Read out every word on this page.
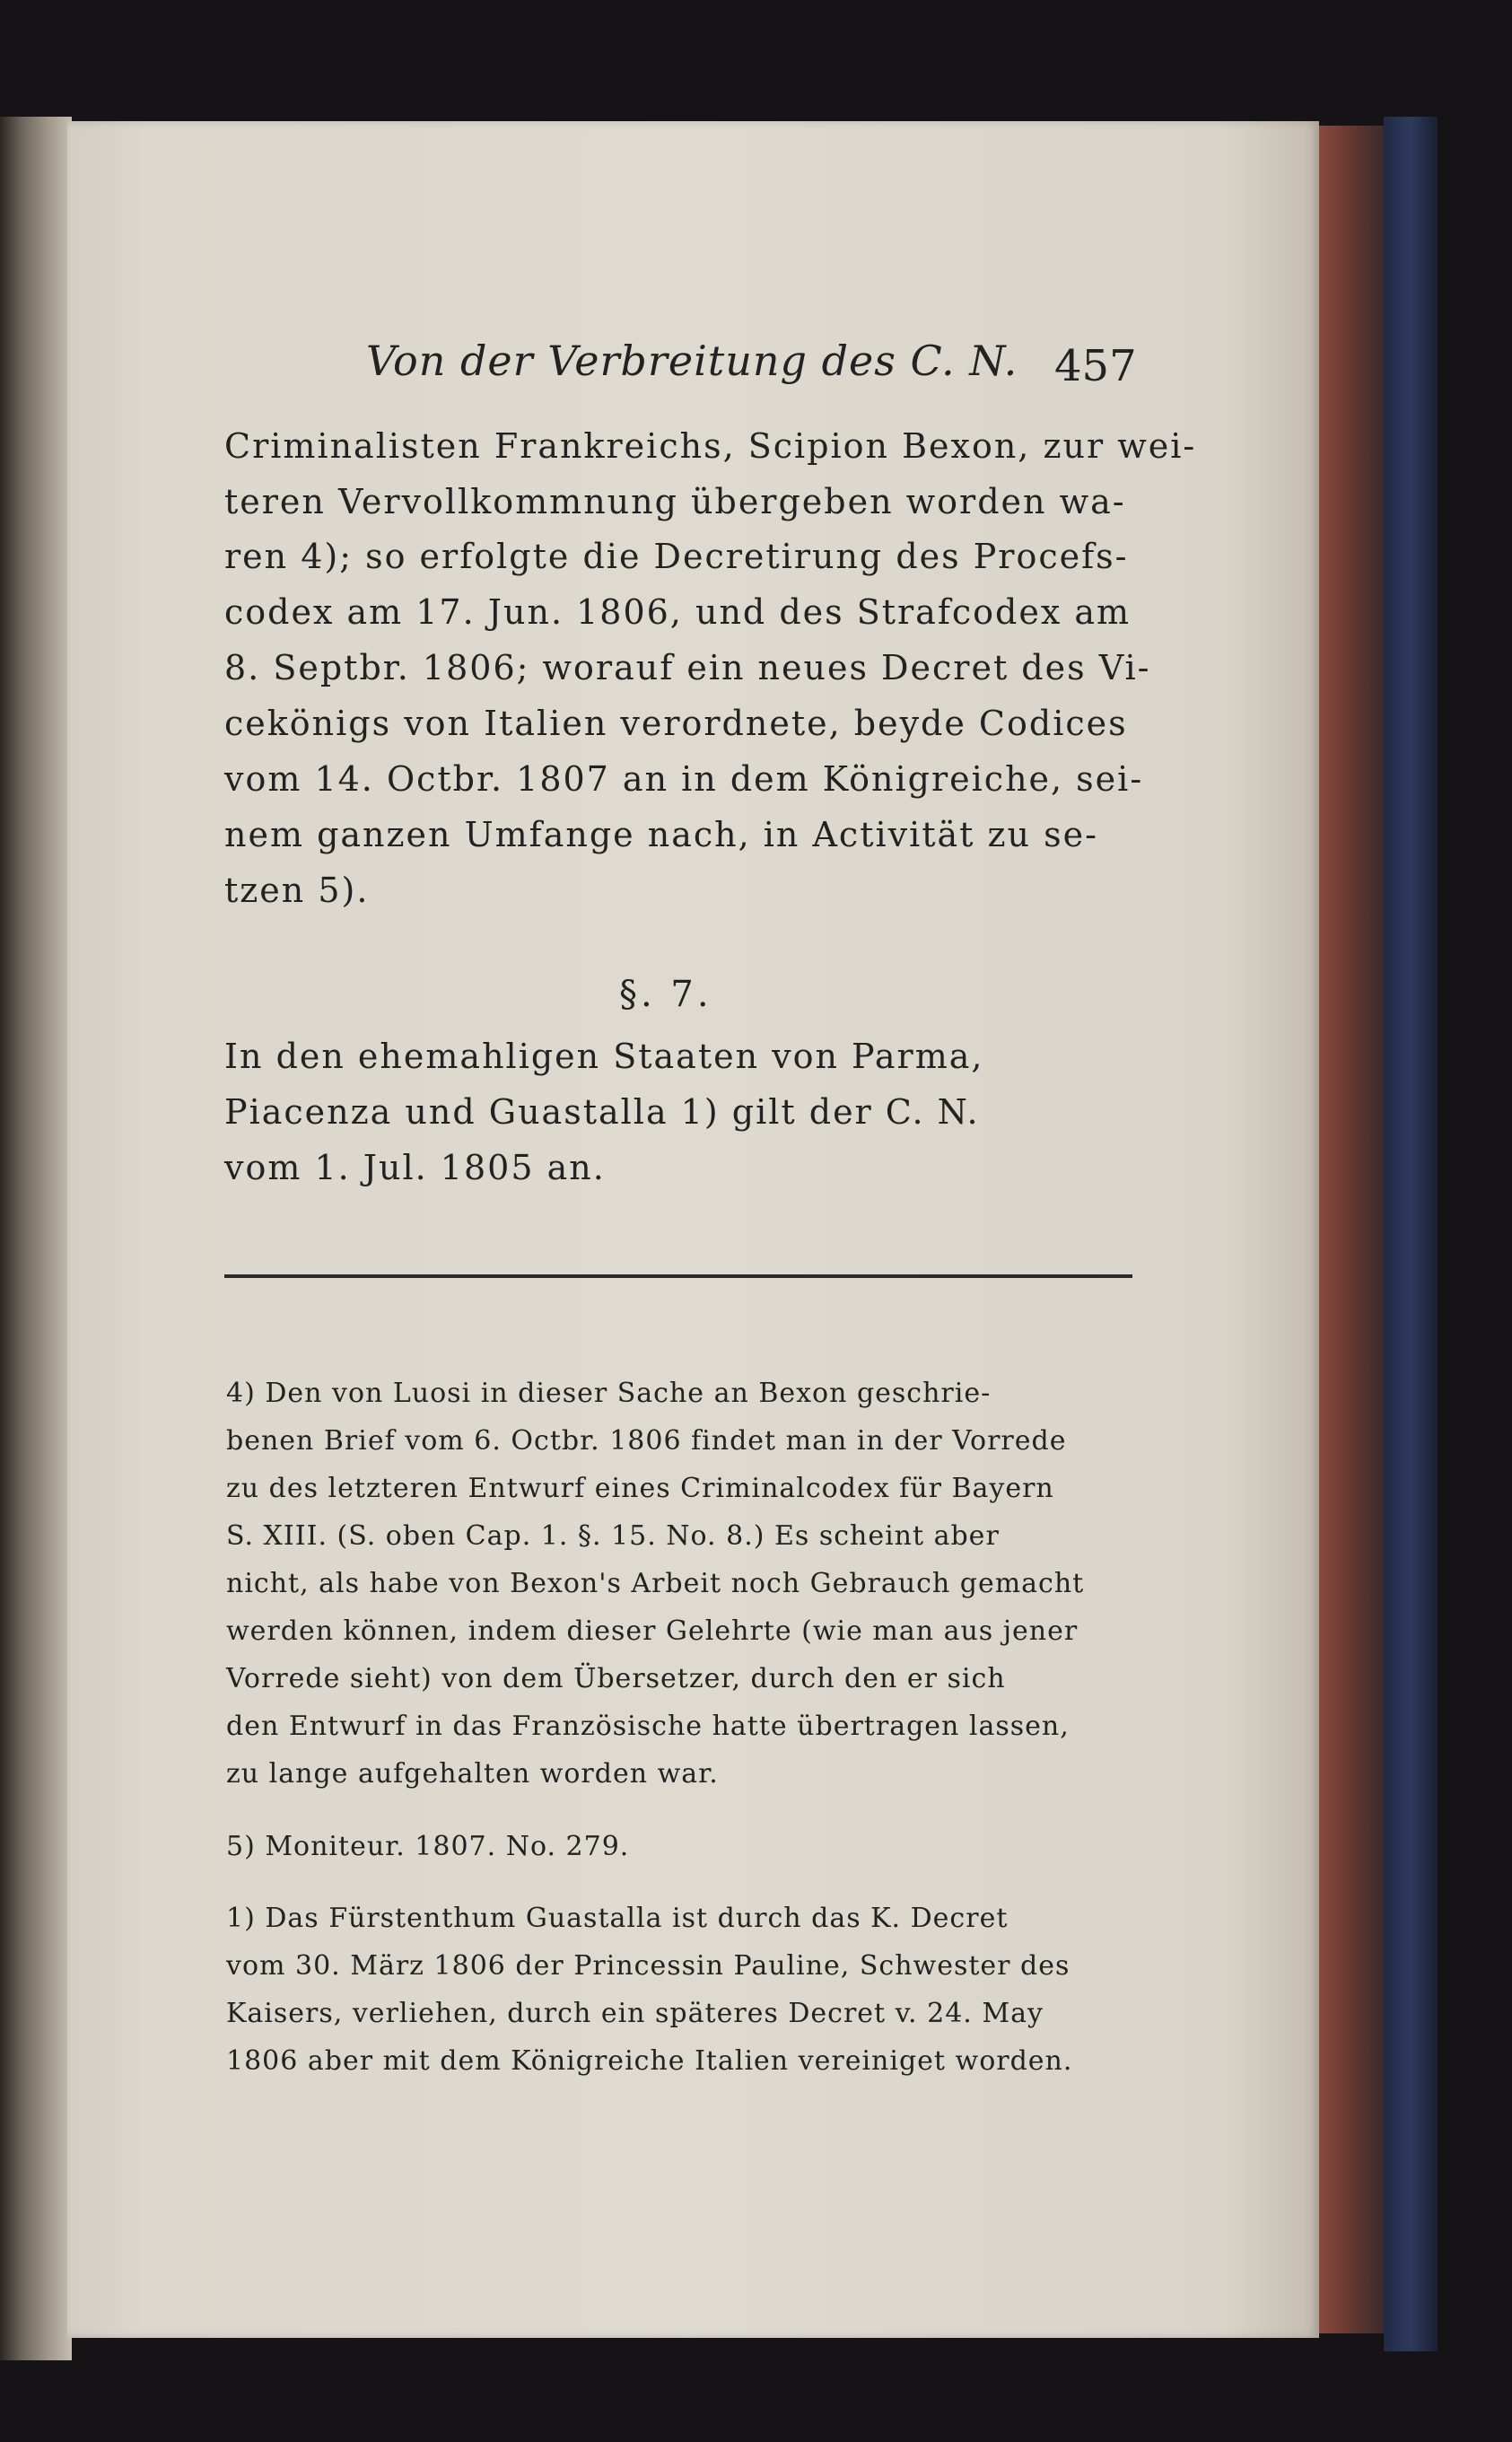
Von der Verbreitung des C. N. 457
Criminalisten Frankreichs, Scipion Bexon, zur wei-
teren Vervollkommnung übergeben worden wa-
ren 4); so erfolgte die Decretirung des Procefs-
codex am 17. Jun. 1806, und des Strafcodex am
8. Septbr. 1806; worauf ein neues Decret des Vi-
cekönigs von Italien verordnete, beyde Codices
vom 14. Octbr. 1807 an in dem Königreiche, sei-
nem ganzen Umfange nach, in Activität zu se-
tzen 5).
§. 7.
In den ehemahligen Staaten von Parma,
Piacenza und Guastalla 1) gilt der C. N.
vom 1. Jul. 1805 an.
4) Den von Luosi in dieser Sache an Bexon geschrie-
benen Brief vom 6. Octbr. 1806 findet man in der Vorrede
zu des letzteren Entwurf eines Criminalcodex für Bayern
S. XIII. (S. oben Cap. 1. §. 15. No. 8.) Es scheint aber
nicht, als habe von Bexon's Arbeit noch Gebrauch gemacht
werden können, indem dieser Gelehrte (wie man aus jener
Vorrede sieht) von dem Übersetzer, durch den er sich
den Entwurf in das Französische hatte übertragen lassen,
zu lange aufgehalten worden war.
5) Moniteur. 1807. No. 279.
1) Das Fürstenthum Guastalla ist durch das K. Decret
vom 30. März 1806 der Princessin Pauline, Schwester des
Kaisers, verliehen, durch ein späteres Decret v. 24. May
1806 aber mit dem Königreiche Italien vereiniget worden.
